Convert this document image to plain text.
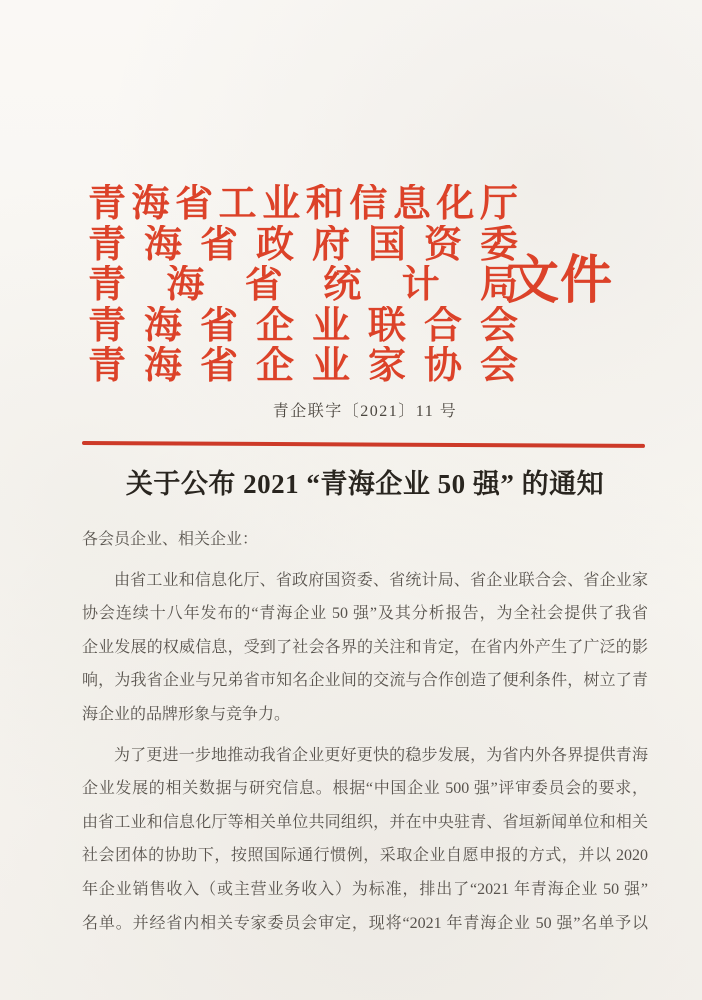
青海省工业和信息化厅
青海省政府国资委
青海省统计局
青海省企业联合会
青海省企业家协会
文件
青企联字〔2021〕11 号
关于公布 2021 “青海企业 50 强” 的通知
各会员企业、相关企业：
由省工业和信息化厅、省政府国资委、省统计局、省企业联合会、省企业家
协会连续十八年发布的“青海企业 50 强”及其分析报告，为全社会提供了我省
企业发展的权威信息，受到了社会各界的关注和肯定，在省内外产生了广泛的影
响，为我省企业与兄弟省市知名企业间的交流与合作创造了便利条件，树立了青
海企业的品牌形象与竞争力。
为了更进一步地推动我省企业更好更快的稳步发展，为省内外各界提供青海
企业发展的相关数据与研究信息。根据“中国企业 500 强”评审委员会的要求，
由省工业和信息化厅等相关单位共同组织，并在中央驻青、省垣新闻单位和相关
社会团体的协助下，按照国际通行惯例，采取企业自愿申报的方式，并以 2020
年企业销售收入（或主营业务收入）为标准，排出了“2021 年青海企业 50 强”
名单。并经省内相关专家委员会审定，现将“2021 年青海企业 50 强”名单予以
